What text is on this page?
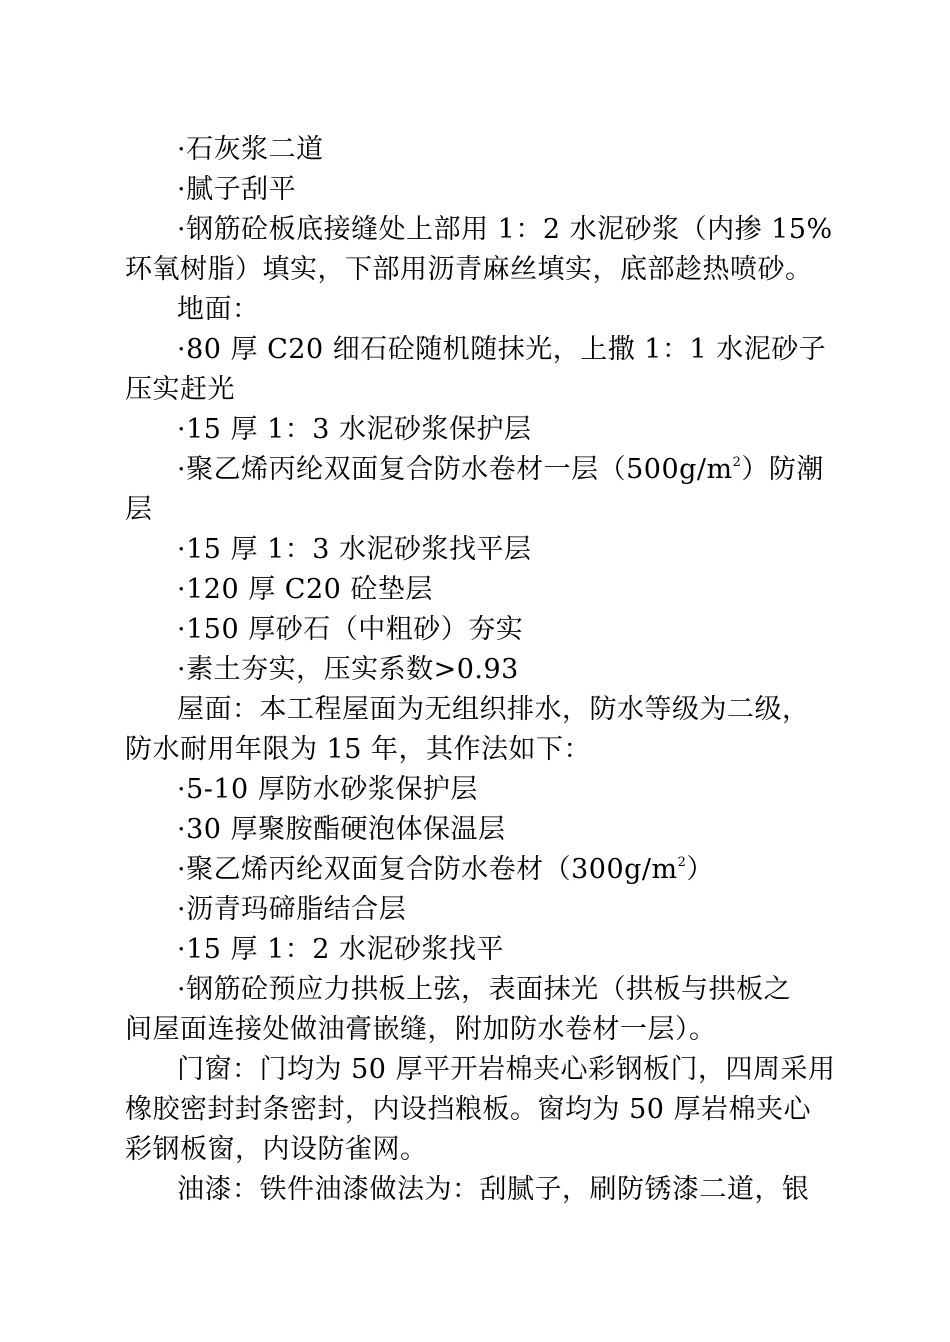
·石灰浆二道
·腻子刮平
·钢筋砼板底接缝处上部用 1：2 水泥砂浆（内掺 15%
环氧树脂）填实，下部用沥青麻丝填实，底部趁热喷砂。
地面：
·80 厚 C20 细石砼随机随抹光，上撒 1：1 水泥砂子
压实赶光
·15 厚 1：3 水泥砂浆保护层
·聚乙烯丙纶双面复合防水卷材一层$(500g/m^2)$防潮
层
·15 厚 1：3 水泥砂浆找平层
·120 厚 C20 砼垫层
·150 厚砂石（中粗砂）夯实
·素土夯实，压实系数>0.93
屋面：本工程屋面为无组织排水，防水等级为二级，
防水耐用年限为 15 年，其作法如下：
·5-10 厚防水砂浆保护层
·30 厚聚胺酯硬泡体保温层
·聚乙烯丙纶双面复合防水卷材$(300g/m^2)$
·沥青玛碲脂结合层
·15 厚 1：2 水泥砂浆找平
·钢筋砼预应力拱板上弦，表面抹光（拱板与拱板之
间屋面连接处做油膏嵌缝，附加防水卷材一层）。
门窗：门均为 50 厚平开岩棉夹心彩钢板门，四周采用
橡胶密封封条密封，内设挡粮板。窗均为 50 厚岩棉夹心
彩钢板窗，内设防雀网。
油漆：铁件油漆做法为：刮腻子，刷防锈漆二道，银
